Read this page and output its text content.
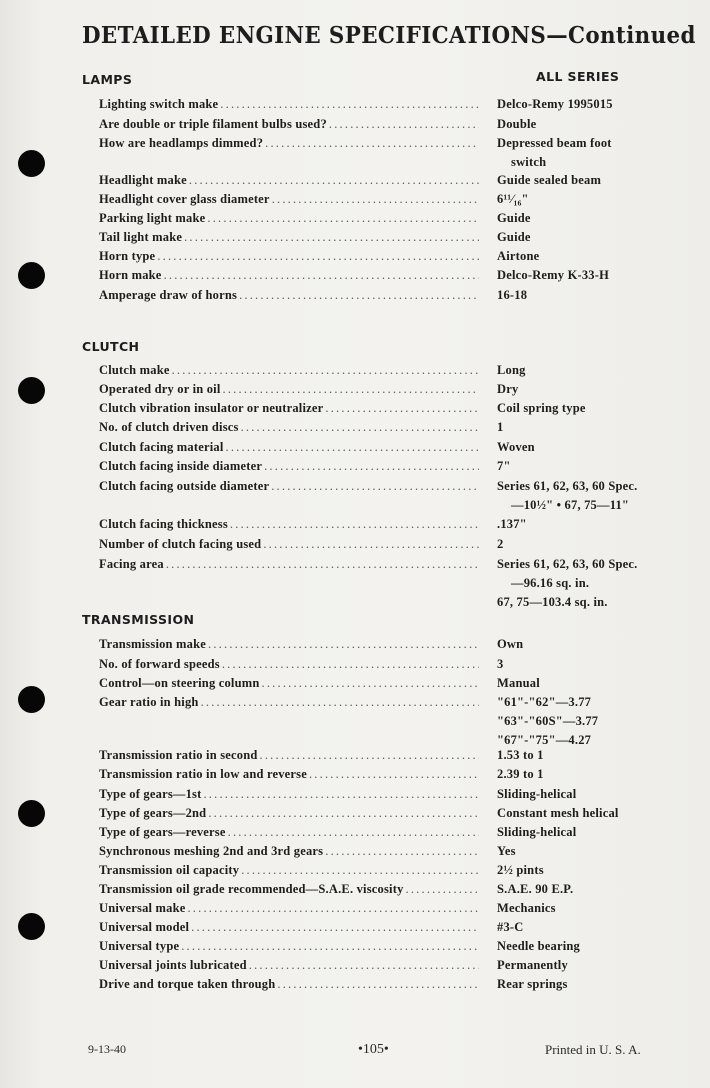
DETAILED ENGINE SPECIFICATIONS—Continued
LAMPS	ALL SERIES
Lighting switch make .....	Delco-Remy 1995015
Are double or triple filament bulbs used? .....	Double
How are headlamps dimmed? .....	Depressed beam foot
switch
Headlight make .....	Guide sealed beam
Headlight cover glass diameter .....	6¹¹⁄₁₆"
Parking light make .....	Guide
Tail light make .....	Guide
Horn type .....	Airtone
Horn make .....	Delco-Remy K-33-H
Amperage draw of horns .....	16-18
CLUTCH
Clutch make .....	Long
Operated dry or in oil .....	Dry
Clutch vibration insulator or neutralizer .....	Coil spring type
No. of clutch driven discs .....	1
Clutch facing material .....	Woven
Clutch facing inside diameter .....	7"
Clutch facing outside diameter .....	Series 61, 62, 63, 60 Spec.
—10½" • 67, 75—11"
Clutch facing thickness .....	.137"
Number of clutch facing used .....	2
Facing area .....	Series 61, 62, 63, 60 Spec.
—96.16 sq. in.
67, 75—103.4 sq. in.
TRANSMISSION
Transmission make .....	Own
No. of forward speeds .....	3
Control—on steering column .....	Manual
Gear ratio in high .....	"61"-"62"—3.77
"63"-"60S"—3.77
"67"-"75"—4.27
Transmission ratio in second .....	1.53 to 1
Transmission ratio in low and reverse .....	2.39 to 1
Type of gears—1st .....	Sliding-helical
Type of gears—2nd .....	Constant mesh helical
Type of gears—reverse .....	Sliding-helical
Synchronous meshing 2nd and 3rd gears .....	Yes
Transmission oil capacity .....	2½ pints
Transmission oil grade recommended—S.A.E. viscosity .....	S.A.E. 90 E.P.
Universal make .....	Mechanics
Universal model .....	#3-C
Universal type .....	Needle bearing
Universal joints lubricated .....	Permanently
Drive and torque taken through .....	Rear springs
9-13-40	•105•	Printed in U. S. A.
